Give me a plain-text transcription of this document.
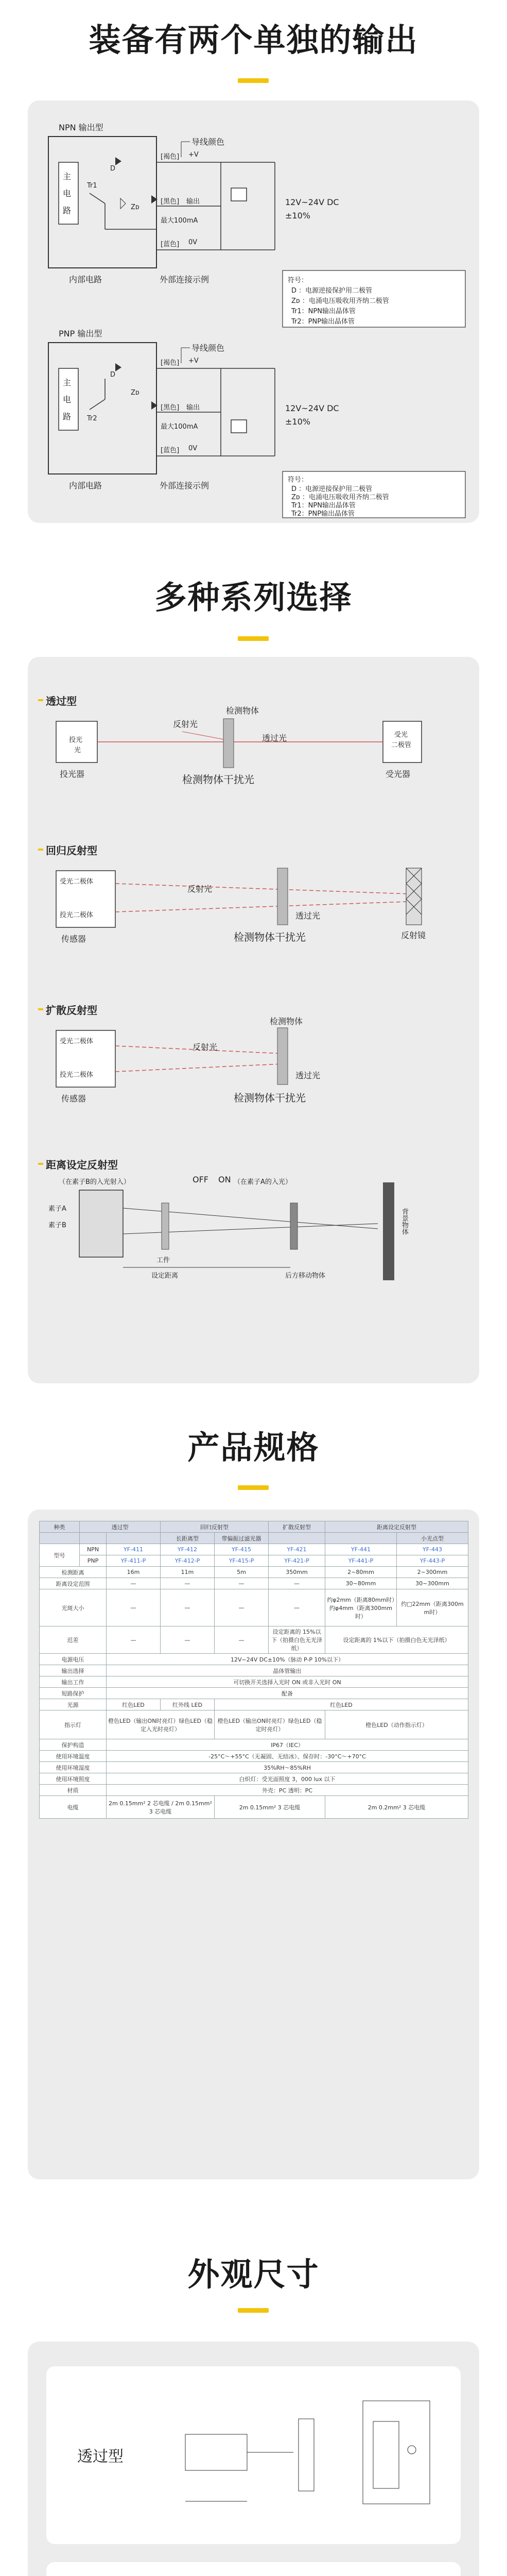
装备有两个单独的输出
NPN 输出型
导线颜色
[褐色] +V
[黑色] 输出
最大100mA
[蓝色] 0V
主
电
路
D
Tr1
Zᴅ
12V~24V DC
±10%
内部电路	外部连接示例	符号：
D ：电源逆接保护用二极管
Zᴅ ：电涌电压吸收用齐纳二极管
Tr1：NPN输出晶体管
Tr2：PNP输出晶体管
PNP 输出型
导线颜色
[褐色] +V
[黑色] 输出
最大100mA
[蓝色] 0V
主
电
路
D
Tr2
Zᴅ
12V~24V DC
±10%
内部电路	外部连接示例
符号：
D ：电源逆接保护用二极管
Zᴅ ：电涌电压吸收用齐纳二极管
Tr1：NPN输出晶体管
Tr2：PNP输出晶体管
多种系列选择
透过型
投光
光
投光器
受光
二极管
受光器
检测物体
反射光
透过光
检测物体干扰光
回归反射型
受光二极体
投光二极体
传感器
反射光
透过光
检测物体干扰光	反射镜
扩散反射型
受光二极体
投光二极体
传感器
反射光
检测物体
透过光
检测物体干扰光
距离设定反射型
（在素子B的入光射入）	OFF ON （在素子A的入光）
素子A
素子B
工件
设定距离	后方移动物体
背景物体
产品规格
种类	透过型		回归反射型		扩散反射型	距离设定反射型	
			长距离型	带偏振过滤光器			小光点型
型号	NPN	YF-411	YF-412	YF-415	YF-421	YF-441	YF-443
	PNP	YF-411-P	YF-412-P	YF-415-P	YF-421-P	YF-441-P	YF-443-P
检测距离		16m	11m	5m	350mm	2~80mm	2~300mm
距离设定范围		—	—	—	—	30~80mm	30~300mm
光斑大小		—	—	—	—	约φ2mm（距离80mm时）约φ4mm（距离300mm时）	约□22mm（距离300mm时）
迟差		—	—	—	设定距离的 15%以下（拍摄白色无光泽纸）	设定距离的 1%以下（拍摄白色无光泽纸）	
电源电压		12V~24V DC±10%（脉动 P-P 10%以下）					
输出选择		晶体管输出					
输出工作		可切换开关选择入光时 ON 或非入光时 ON					
短路保护		配备					
光源		红色LED	红外线 LED	红色LED			
指示灯		橙色LED（输出ON时亮灯）绿色LED（稳定入光时亮灯）		橙色LED（输出ON时亮灯）绿色LED（稳定时亮灯）		橙色LED（动作指示灯）	
保护构造		IP67（IEC）					
使用环境温度		-25°C～+55°C（无凝固、无结冰）、保存时：-30°C～+70°C					
使用环境湿度		35%RH～85%RH					
使用环境照度		白炽灯：受光面照度 3，000 lux 以下					
材质		外壳：PC 透明：PC					
电缆		2m 0.15mm² 2 芯电缆 / 2m 0.15mm² 3 芯电缆		2m 0.15mm² 3 芯电缆		2m 0.2mm² 3 芯电缆	
外观尺寸
透过型
